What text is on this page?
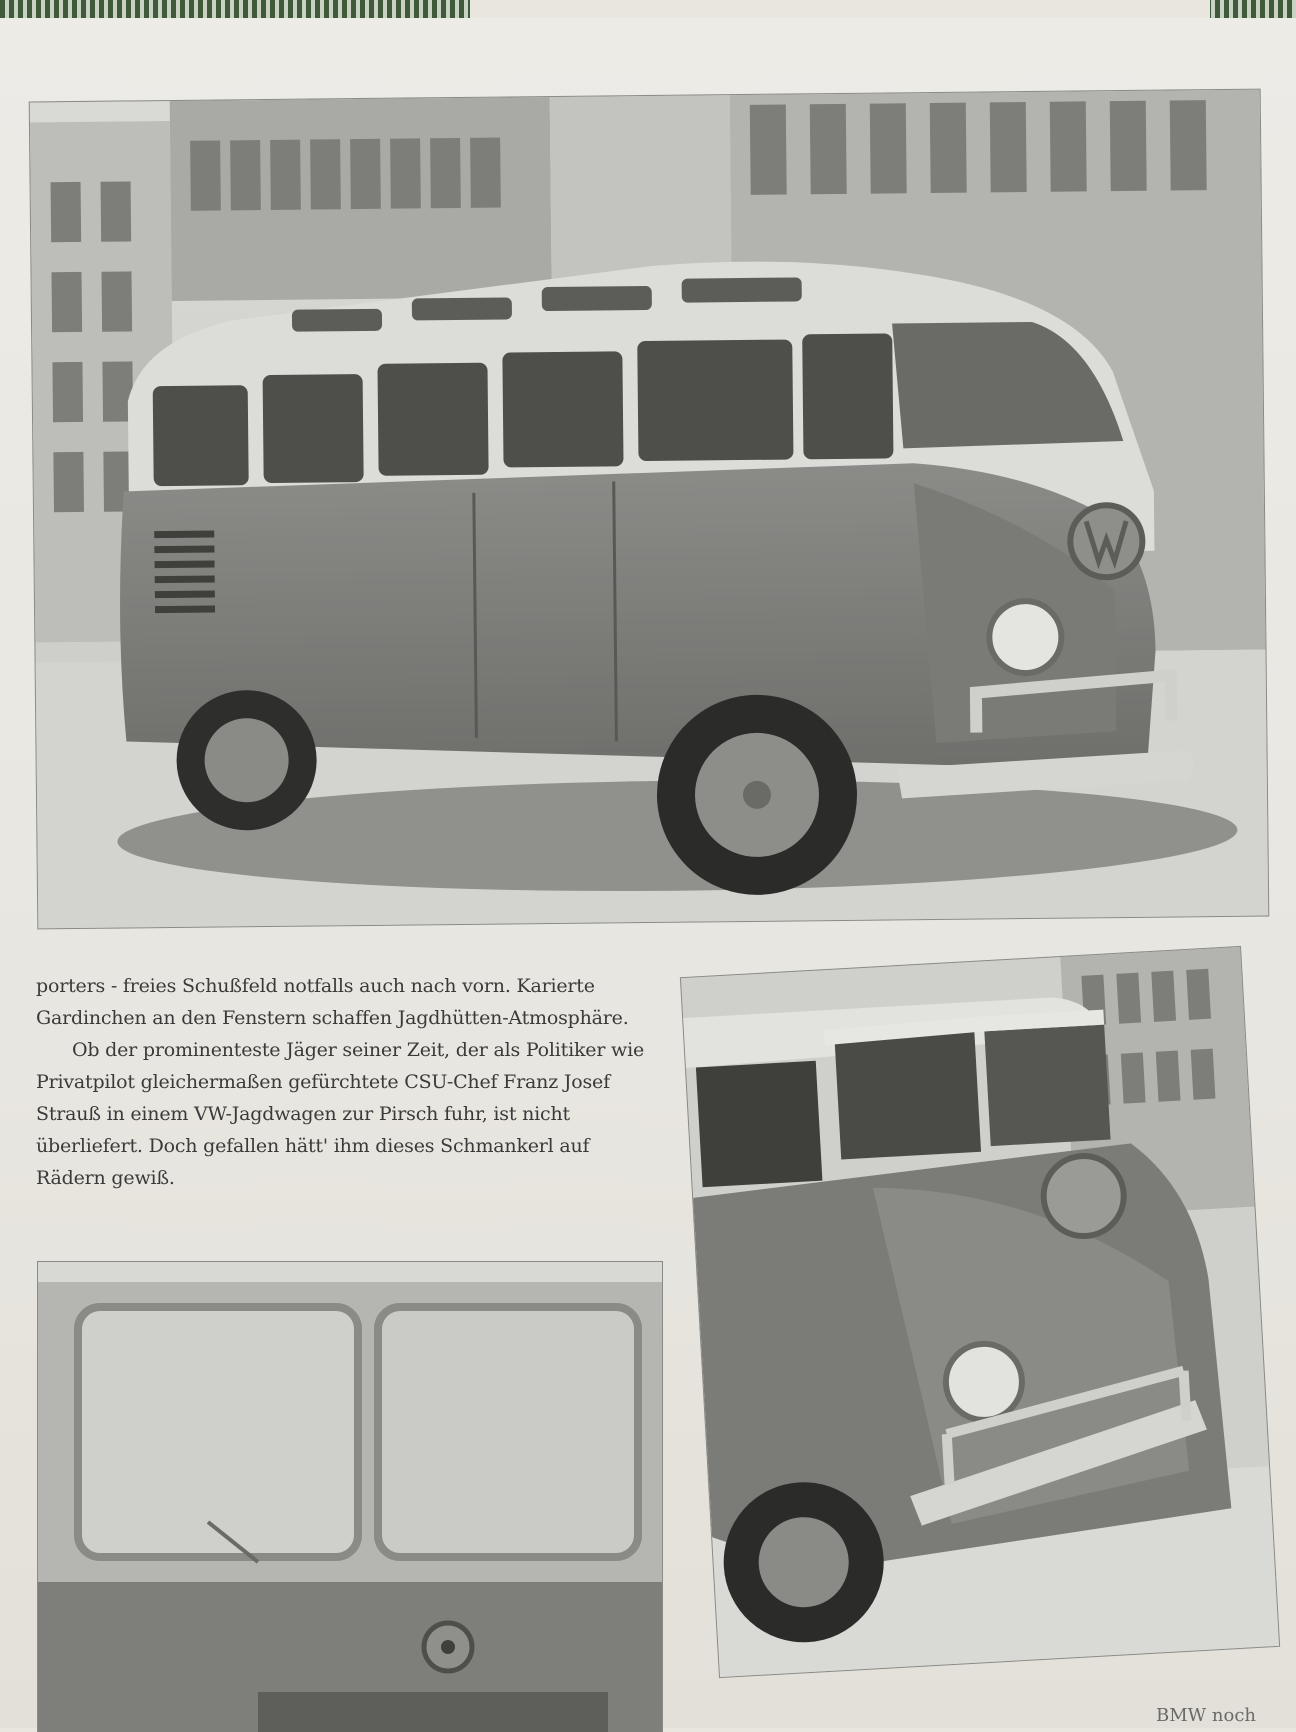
porters - freies Schußfeld notfalls auch nach vorn. Karierte Gardinchen an den Fenstern schaffen Jagdhütten-Atmosphäre.

Ob der prominenteste Jäger seiner Zeit, der als Politiker wie Privatpilot gleichermaßen gefürchtete CSU-Chef Franz Josef Strauß in einem VW-Jagdwagen zur Pirsch fuhr, ist nicht überliefert. Doch gefallen hätt' ihm dieses Schmankerl auf Rädern gewiß.

BMW noch
